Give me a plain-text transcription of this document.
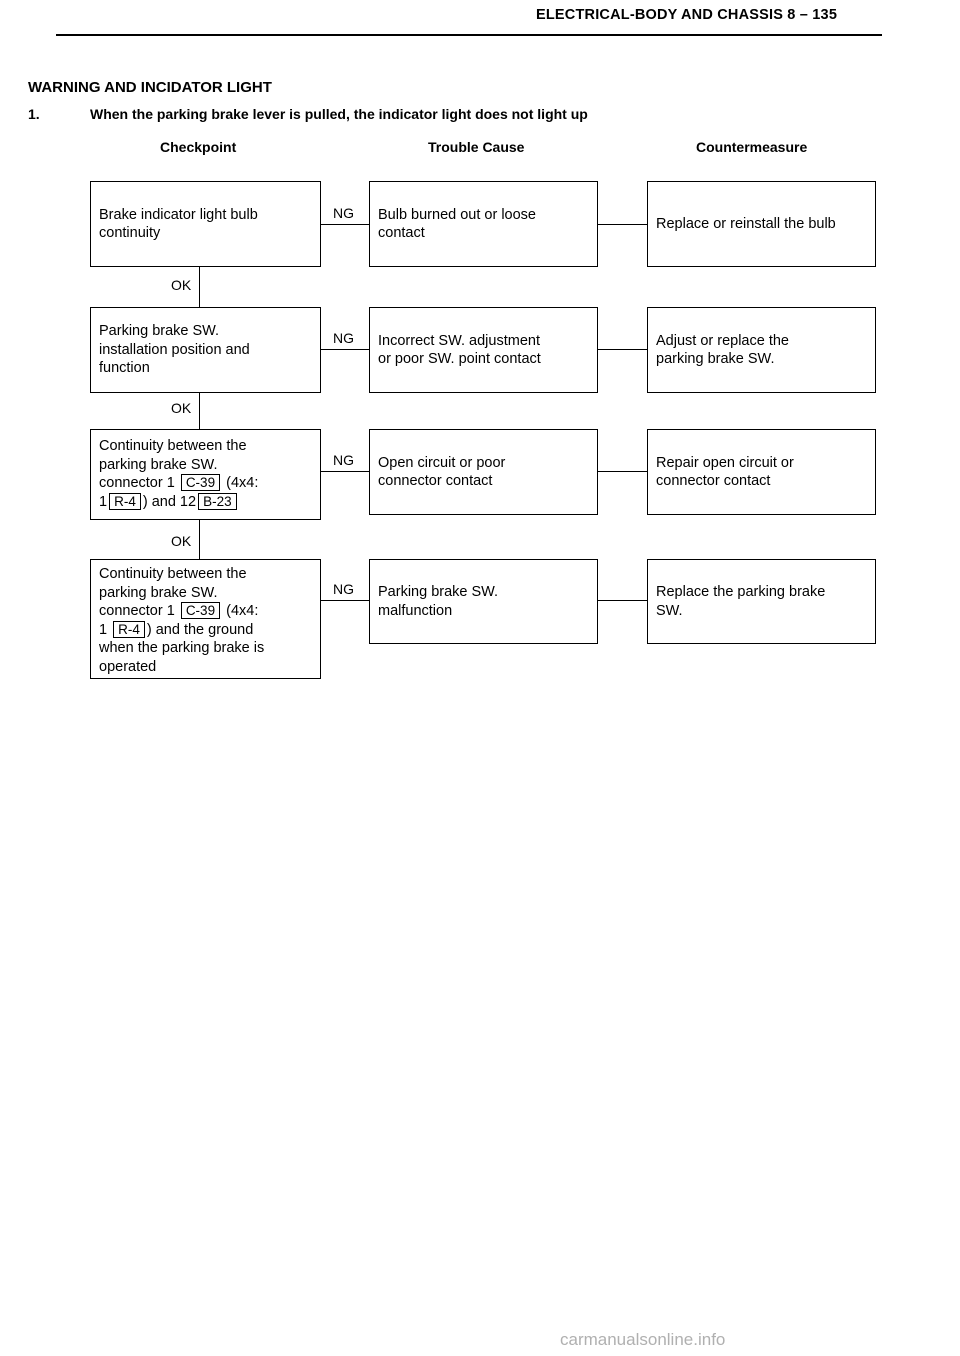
ELECTRICAL-BODY AND CHASSIS 8 – 135
WARNING AND INCIDATOR LIGHT
1.	When the parking brake lever is pulled, the indicator light does not light up
Checkpoint	Trouble Cause	Countermeasure
Brake indicator light bulb
continuity
NG Bulb burned out or loose
contact
Replace or reinstall the bulb
OK
Parking brake SW.
installation position and
function
NG Incorrect SW. adjustment
or poor SW. point contact
Adjust or replace the
parking brake SW.
OK
Continuity between the
parking brake SW.
connector 1 C-39 (4x4:
1 R-4 ) and 12 B-23
NG Open circuit or poor
connector contact
Repair open circuit or
connector contact
OK
Continuity between the
parking brake SW.
connector 1 C-39 (4x4:
1 R-4 ) and the ground
when the parking brake is
operated
NG Parking brake SW.
malfunction
Replace the parking brake
SW.
carmanualsonline.info
